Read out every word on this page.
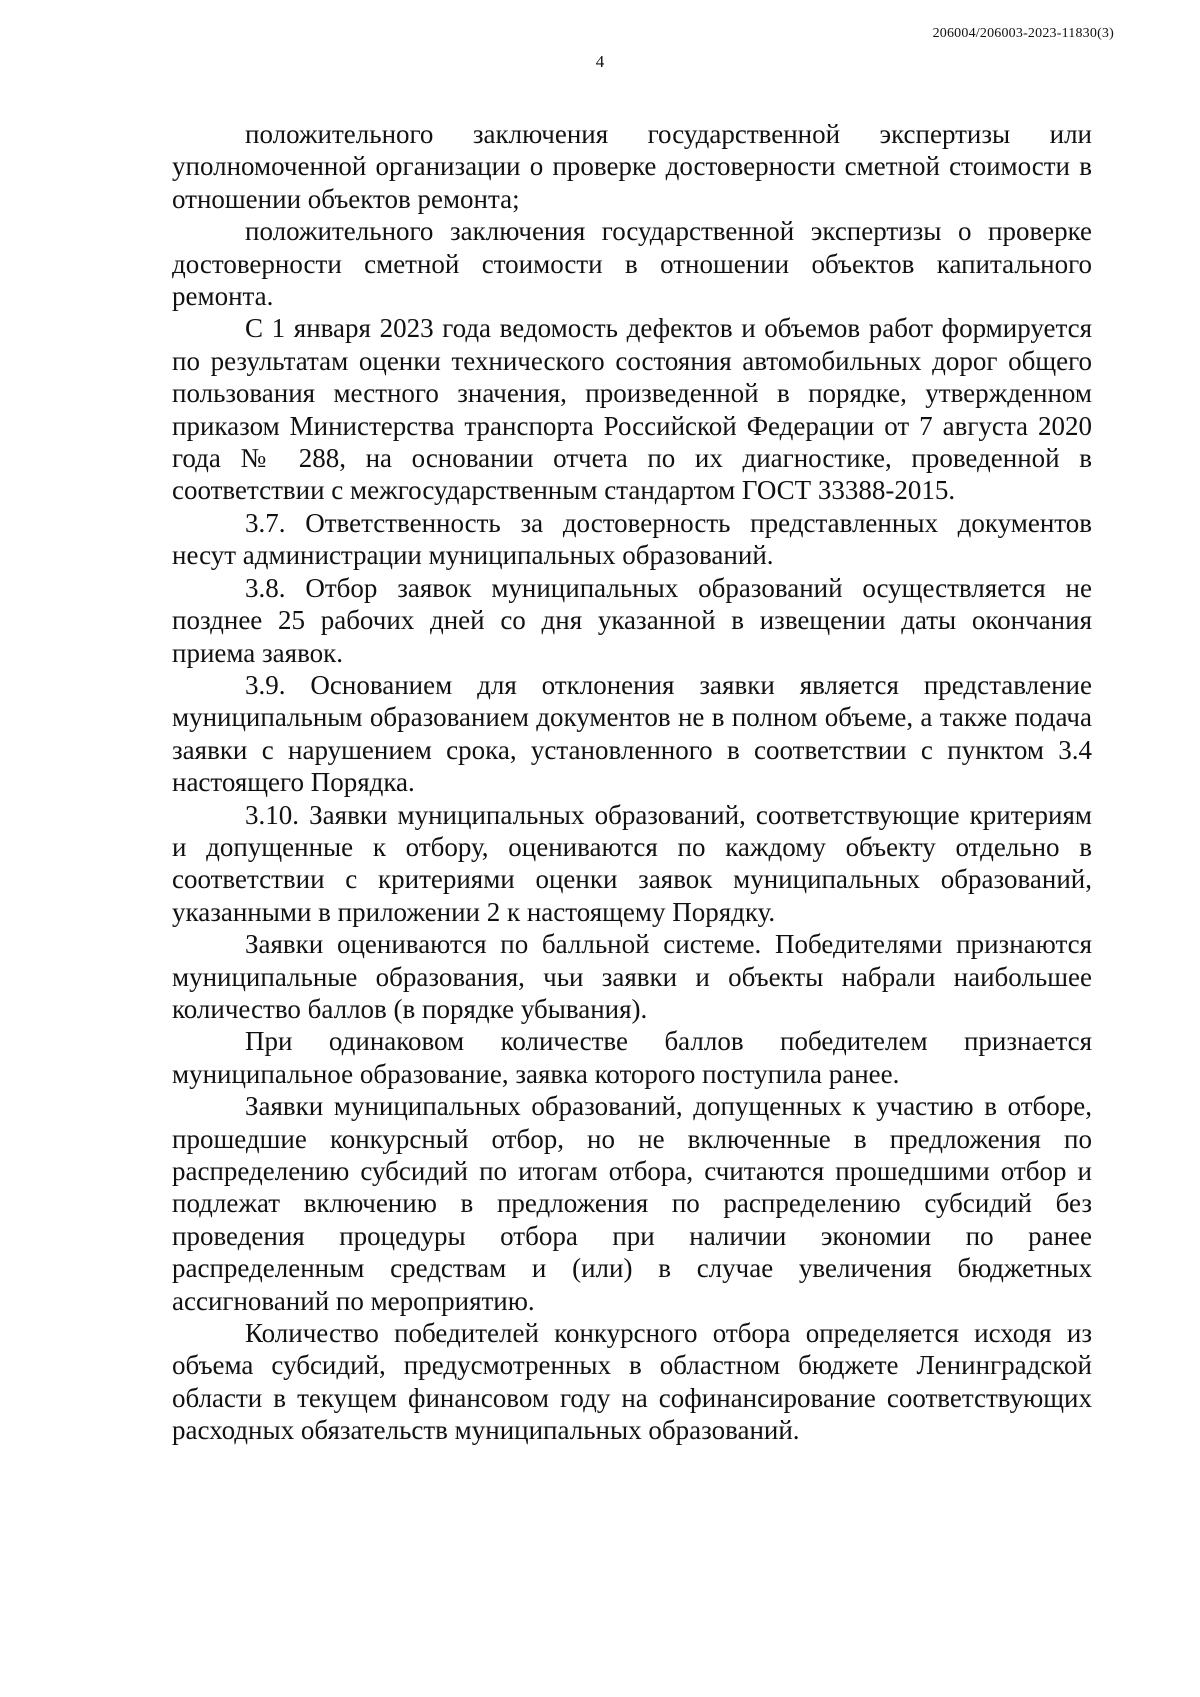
206004/206003-2023-11830(3)
4

положительного заключения государственной экспертизы или уполномоченной организации о проверке достоверности сметной стоимости в отношении объектов ремонта;

положительного заключения государственной экспертизы о проверке достоверности сметной стоимости в отношении объектов капитального ремонта.

С 1 января 2023 года ведомость дефектов и объемов работ формируется по результатам оценки технического состояния автомобильных дорог общего пользования местного значения, произведенной в порядке, утвержденном приказом Министерства транспорта Российской Федерации от 7 августа 2020 года № 288, на основании отчета по их диагностике, проведенной в соответствии с межгосударственным стандартом ГОСТ 33388-2015.

3.7. Ответственность за достоверность представленных документов несут администрации муниципальных образований.

3.8. Отбор заявок муниципальных образований осуществляется не позднее 25 рабочих дней со дня указанной в извещении даты окончания приема заявок.

3.9. Основанием для отклонения заявки является представление муниципальным образованием документов не в полном объеме, а также подача заявки с нарушением срока, установленного в соответствии с пунктом 3.4 настоящего Порядка.

3.10. Заявки муниципальных образований, соответствующие критериям и допущенные к отбору, оцениваются по каждому объекту отдельно в соответствии с критериями оценки заявок муниципальных образований, указанными в приложении 2 к настоящему Порядку.

Заявки оцениваются по балльной системе. Победителями признаются муниципальные образования, чьи заявки и объекты набрали наибольшее количество баллов (в порядке убывания).

При одинаковом количестве баллов победителем признается муниципальное образование, заявка которого поступила ранее.

Заявки муниципальных образований, допущенных к участию в отборе, прошедшие конкурсный отбор, но не включенные в предложения по распределению субсидий по итогам отбора, считаются прошедшими отбор и подлежат включению в предложения по распределению субсидий без проведения процедуры отбора при наличии экономии по ранее распределенным средствам и (или) в случае увеличения бюджетных ассигнований по мероприятию.

Количество победителей конкурсного отбора определяется исходя из объема субсидий, предусмотренных в областном бюджете Ленинградской области в текущем финансовом году на софинансирование соответствующих расходных обязательств муниципальных образований.
